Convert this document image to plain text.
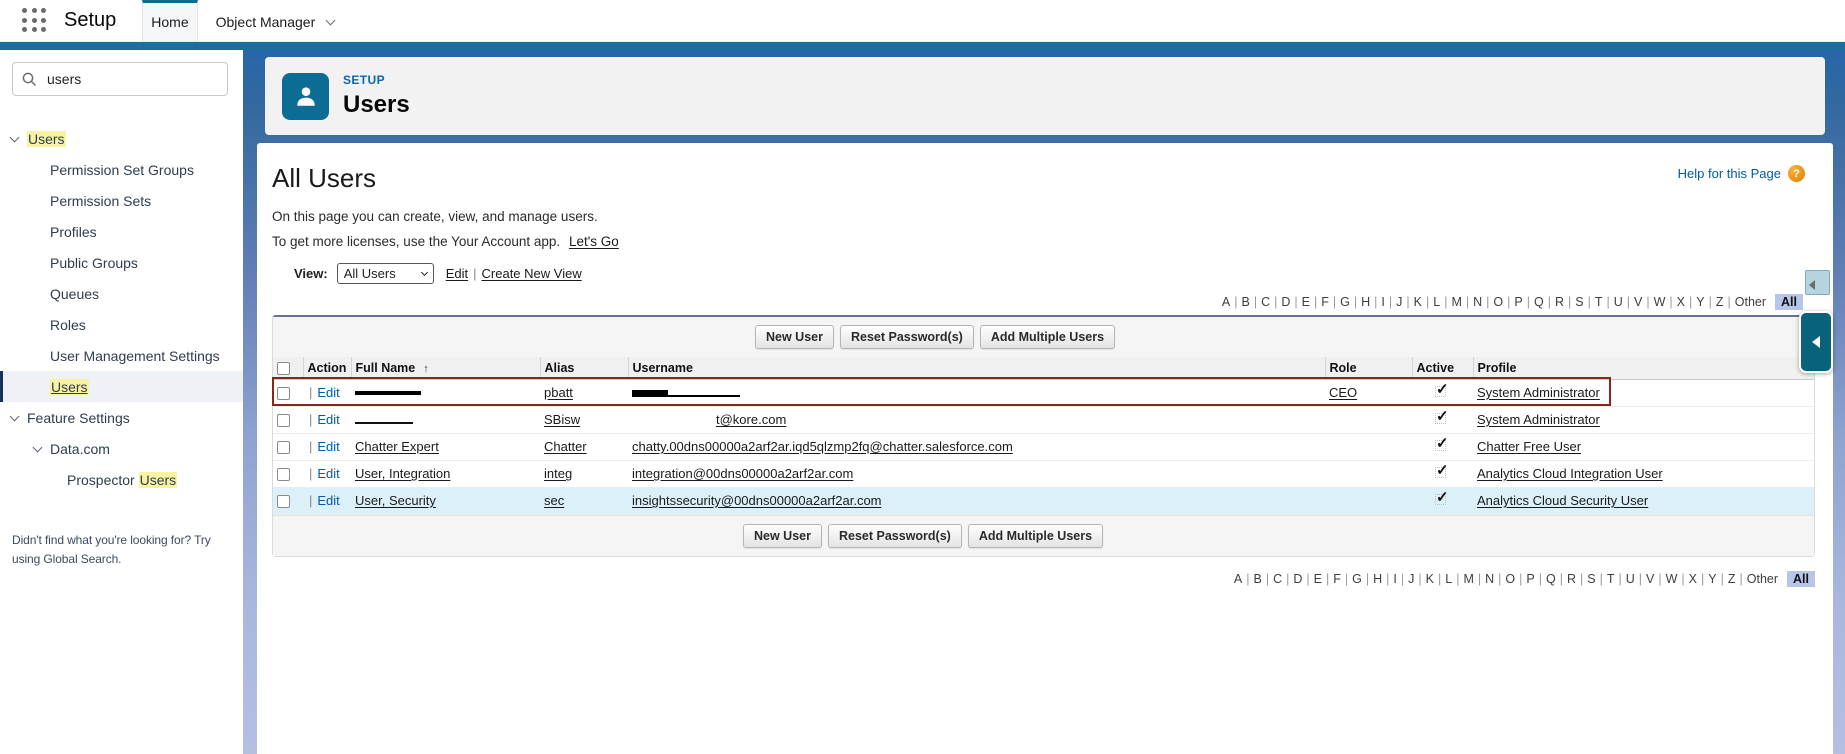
Setup	Home Object Manager
users
Users
Permission Set Groups
Permission Sets
Profiles
Public Groups
Queues
Roles
User Management Settings
Users
Feature Settings
Data.com
Prospector Users
Didn't find what you're looking for? Try using Global Search.
SETUP
Users
All Users	Help for this Page	?
On this page you can create, view, and manage users.
To get more licenses, use the Your Account app. Let's Go
View: All Users	Edit | Create New View
A | B | C | D | E | F | G | H | I | J | K | L | M | N | O | P | Q | R | S | T | U | V | W | X | Y | Z | Other	All
New User	Reset Password(s)	Add Multiple Users
	Action	Full Name ↑	Alias	Username	Role	Active	Profile
	| Edit		pbatt		CEO	✓	System Administrator
	| Edit		SBisw	t@kore.com		✓	System Administrator
	| Edit	Chatter Expert	Chatter	chatty.00dns00000a2arf2ar.iqd5qlzmp2fq@chatter.salesforce.com		✓	Chatter Free User
	| Edit	User, Integration	integ	integration@00dns00000a2arf2ar.com		✓	Analytics Cloud Integration User
	| Edit	User, Security	sec	insightssecurity@00dns00000a2arf2ar.com		✓	Analytics Cloud Security User
New User	Reset Password(s)	Add Multiple Users
A | B | C | D | E | F | G | H | I | J | K | L | M | N | O | P | Q | R | S | T | U | V | W | X | Y | Z | Other	All
